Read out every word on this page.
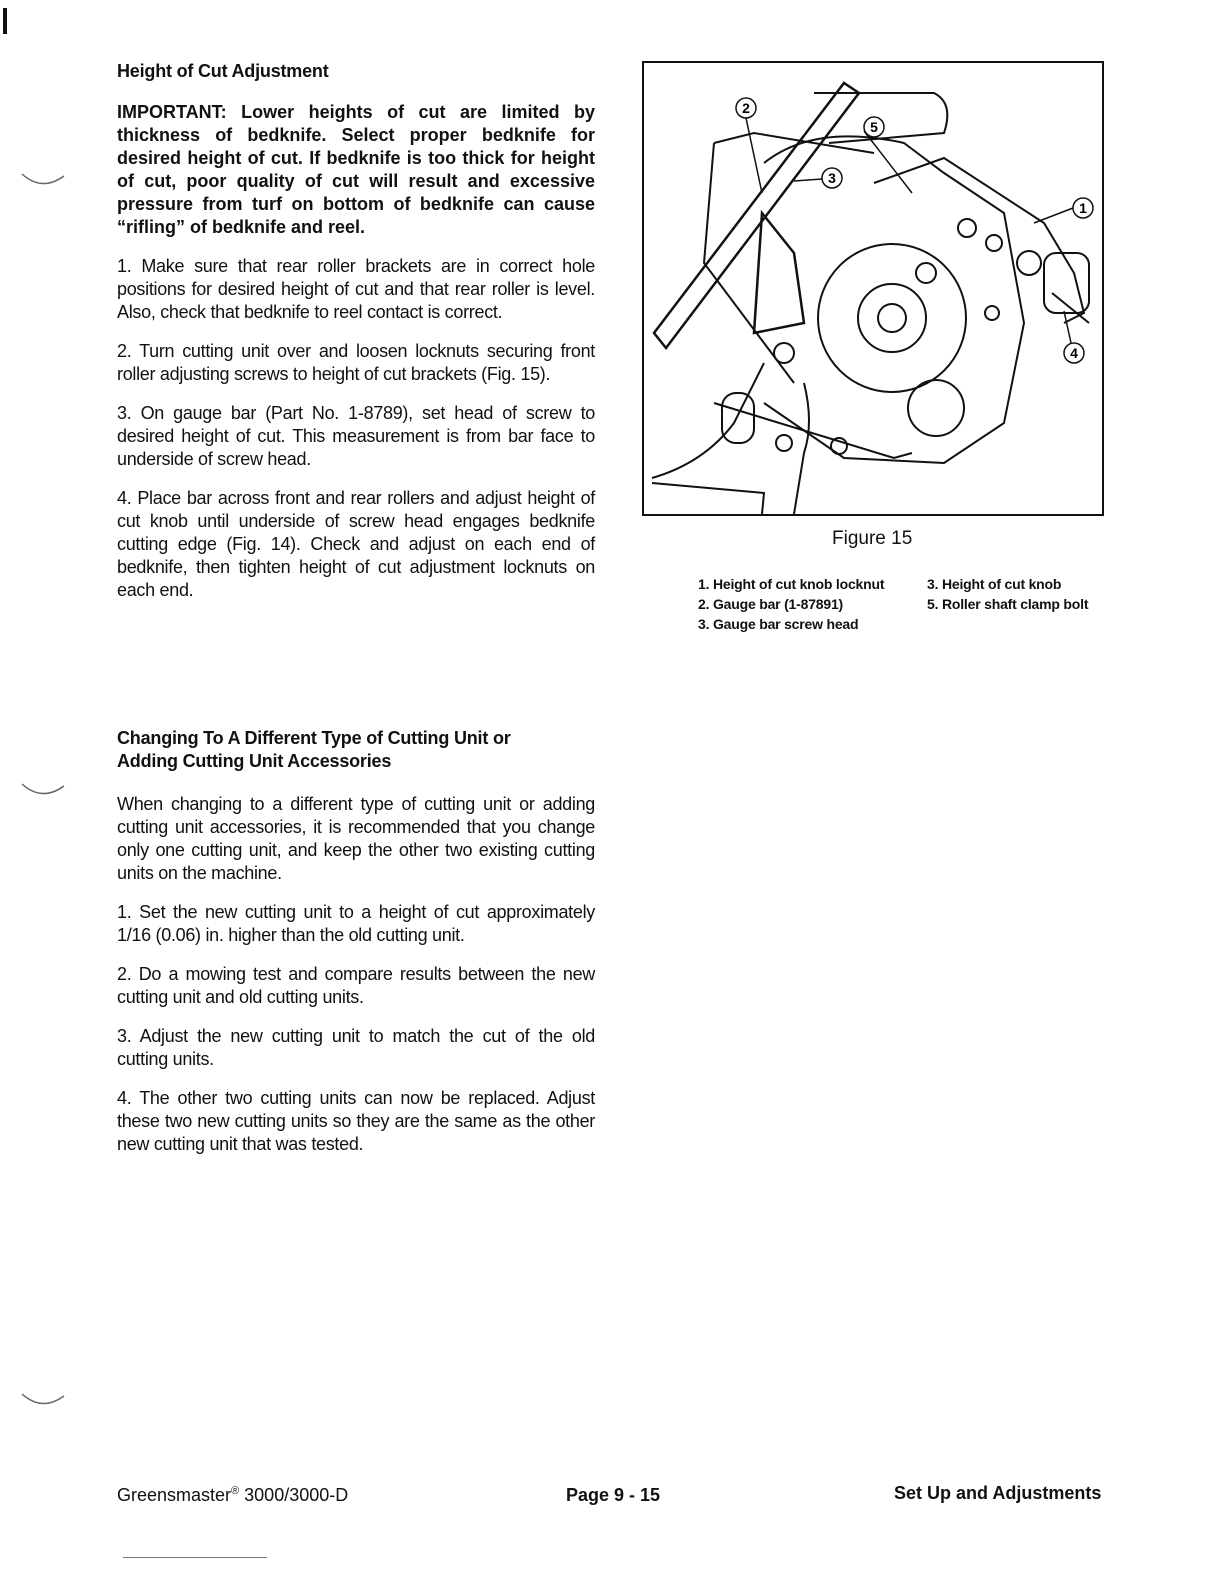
Height of Cut Adjustment

IMPORTANT: Lower heights of cut are limited by thickness of bedknife. Select proper bedknife for desired height of cut. If bedknife is too thick for height of cut, poor quality of cut will result and excessive pressure from turf on bottom of bedknife can cause “rifling” of bedknife and reel.

1. Make sure that rear roller brackets are in correct hole positions for desired height of cut and that rear roller is level. Also, check that bedknife to reel contact is correct.

2. Turn cutting unit over and loosen locknuts securing front roller adjusting screws to height of cut brackets (Fig. 15).

3. On gauge bar (Part No. 1-8789), set head of screw to desired height of cut. This measurement is from bar face to underside of screw head.

4. Place bar across front and rear rollers and adjust height of cut knob until underside of screw head engages bedknife cutting edge (Fig. 14). Check and adjust on each end of bedknife, then tighten height of cut adjustment locknuts on each end.

Changing To A Different Type of Cutting Unit or

Adding Cutting Unit Accessories

When changing to a different type of cutting unit or adding cutting unit accessories, it is recommended that you change only one cutting unit, and keep the other two existing cutting units on the machine.

1. Set the new cutting unit to a height of cut approximately 1/16 (0.06) in. higher than the old cutting unit.

2. Do a mowing test and compare results between the new cutting unit and old cutting units.

3. Adjust the new cutting unit to match the cut of the old cutting units.

4. The other two cutting units can now be replaced. Adjust these two new cutting units so they are the same as the other new cutting unit that was tested.

2
5
3
1
4
Figure 15
1. Height of cut knob locknut
2. Gauge bar (1-87891)
3. Gauge bar screw head
3. Height of cut knob
5. Roller shaft clamp bolt
Greensmaster® 3000/3000-D	Page 9 - 15	Set Up and Adjustments
